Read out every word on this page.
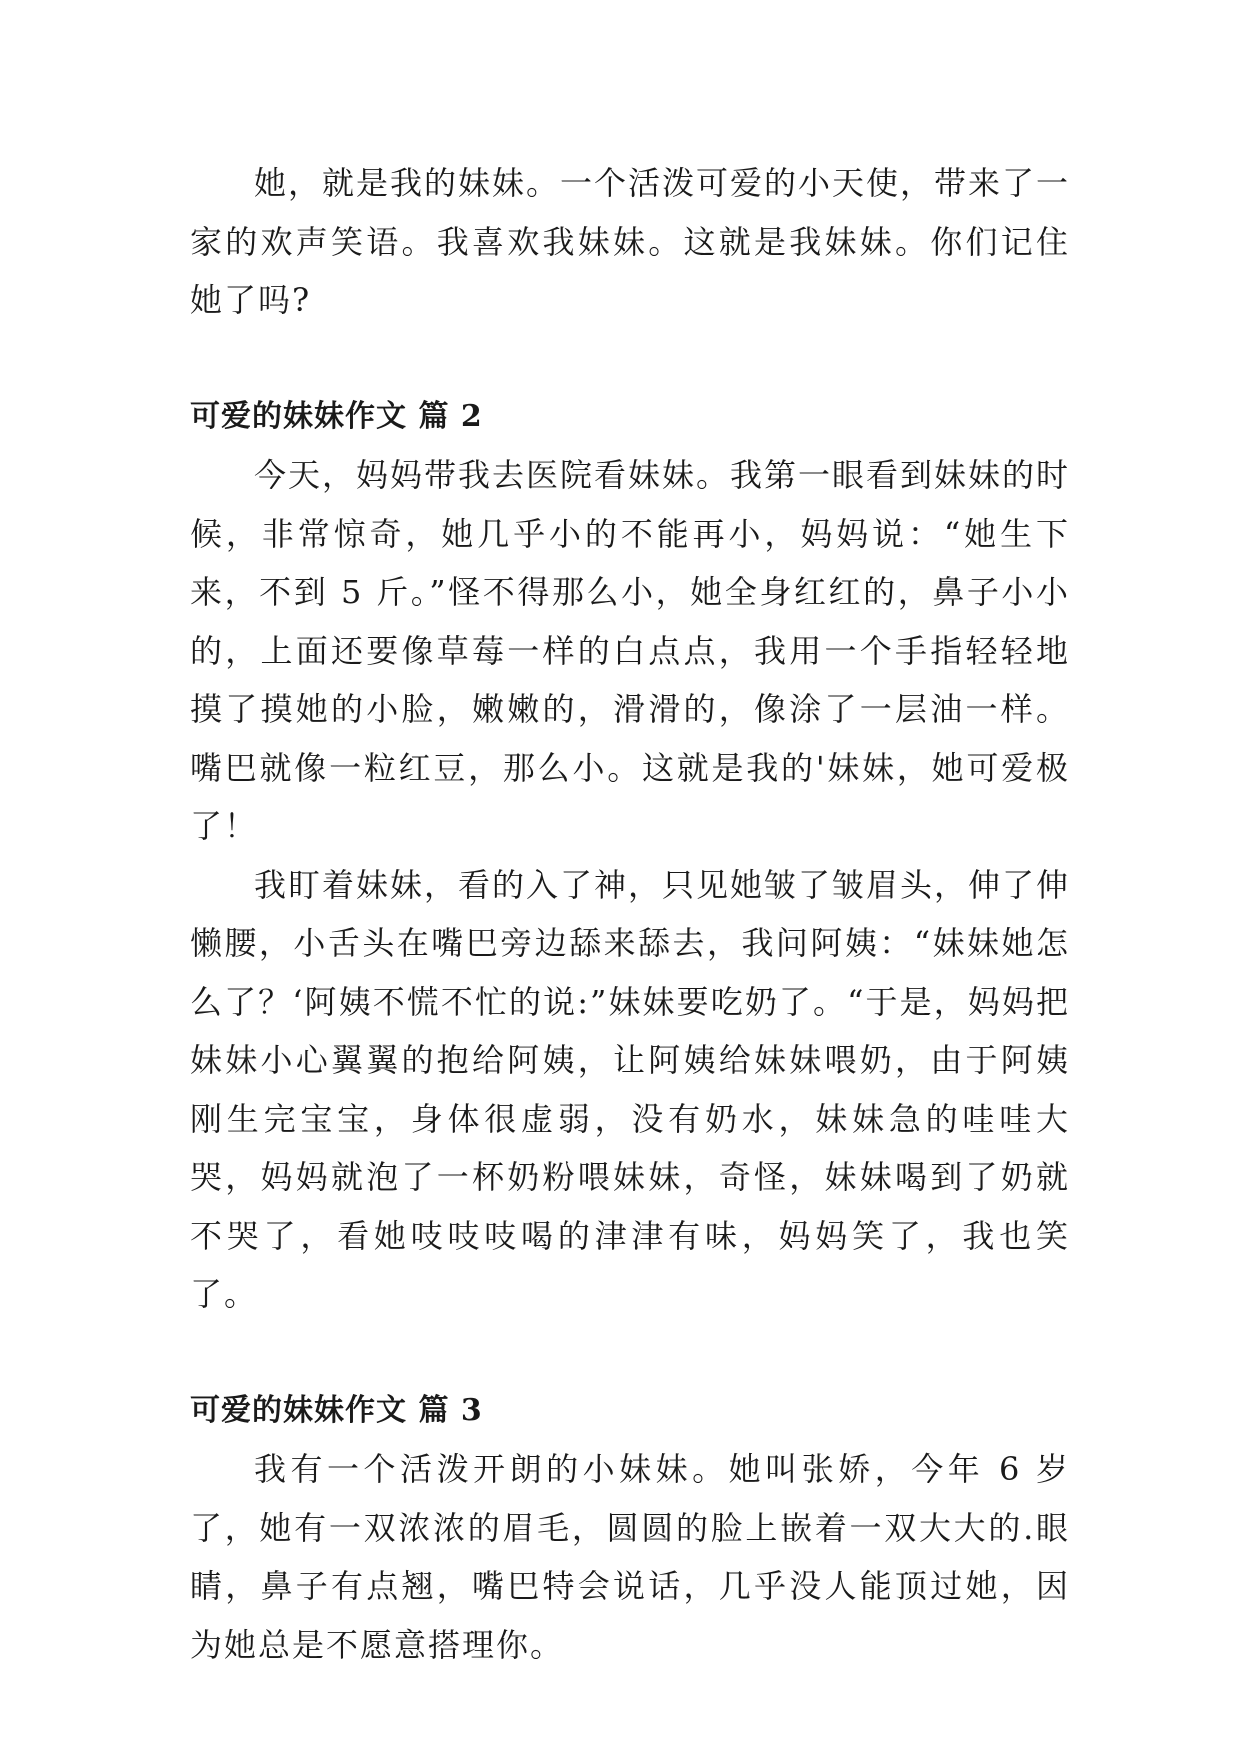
她，就是我的妹妹。一个活泼可爱的小天使，带来了一家的欢声笑语。我喜欢我妹妹。这就是我妹妹。你们记住她了吗?

可爱的妹妹作文 篇 2

今天，妈妈带我去医院看妹妹。我第一眼看到妹妹的时候，非常惊奇，她几乎小的不能再小，妈妈说：“她生下来，不到 5 斤。”怪不得那么小，她全身红红的，鼻子小小的，上面还要像草莓一样的白点点，我用一个手指轻轻地摸了摸她的小脸，嫩嫩的，滑滑的，像涂了一层油一样。嘴巴就像一粒红豆，那么小。这就是我的'妹妹，她可爱极了！

我盯着妹妹，看的入了神，只见她皱了皱眉头，伸了伸懒腰，小舌头在嘴巴旁边舔来舔去，我问阿姨：“妹妹她怎么了？‘阿姨不慌不忙的说:”妹妹要吃奶了。“于是，妈妈把妹妹小心翼翼的抱给阿姨，让阿姨给妹妹喂奶，由于阿姨刚生完宝宝，身体很虚弱，没有奶水，妹妹急的哇哇大哭，妈妈就泡了一杯奶粉喂妹妹，奇怪，妹妹喝到了奶就不哭了，看她吱吱吱喝的津津有味，妈妈笑了，我也笑了。

可爱的妹妹作文 篇 3

我有一个活泼开朗的小妹妹。她叫张娇，今年 6 岁了，她有一双浓浓的眉毛，圆圆的脸上嵌着一双大大的.眼睛，鼻子有点翘，嘴巴特会说话，几乎没人能顶过她，因为她总是不愿意搭理你。
